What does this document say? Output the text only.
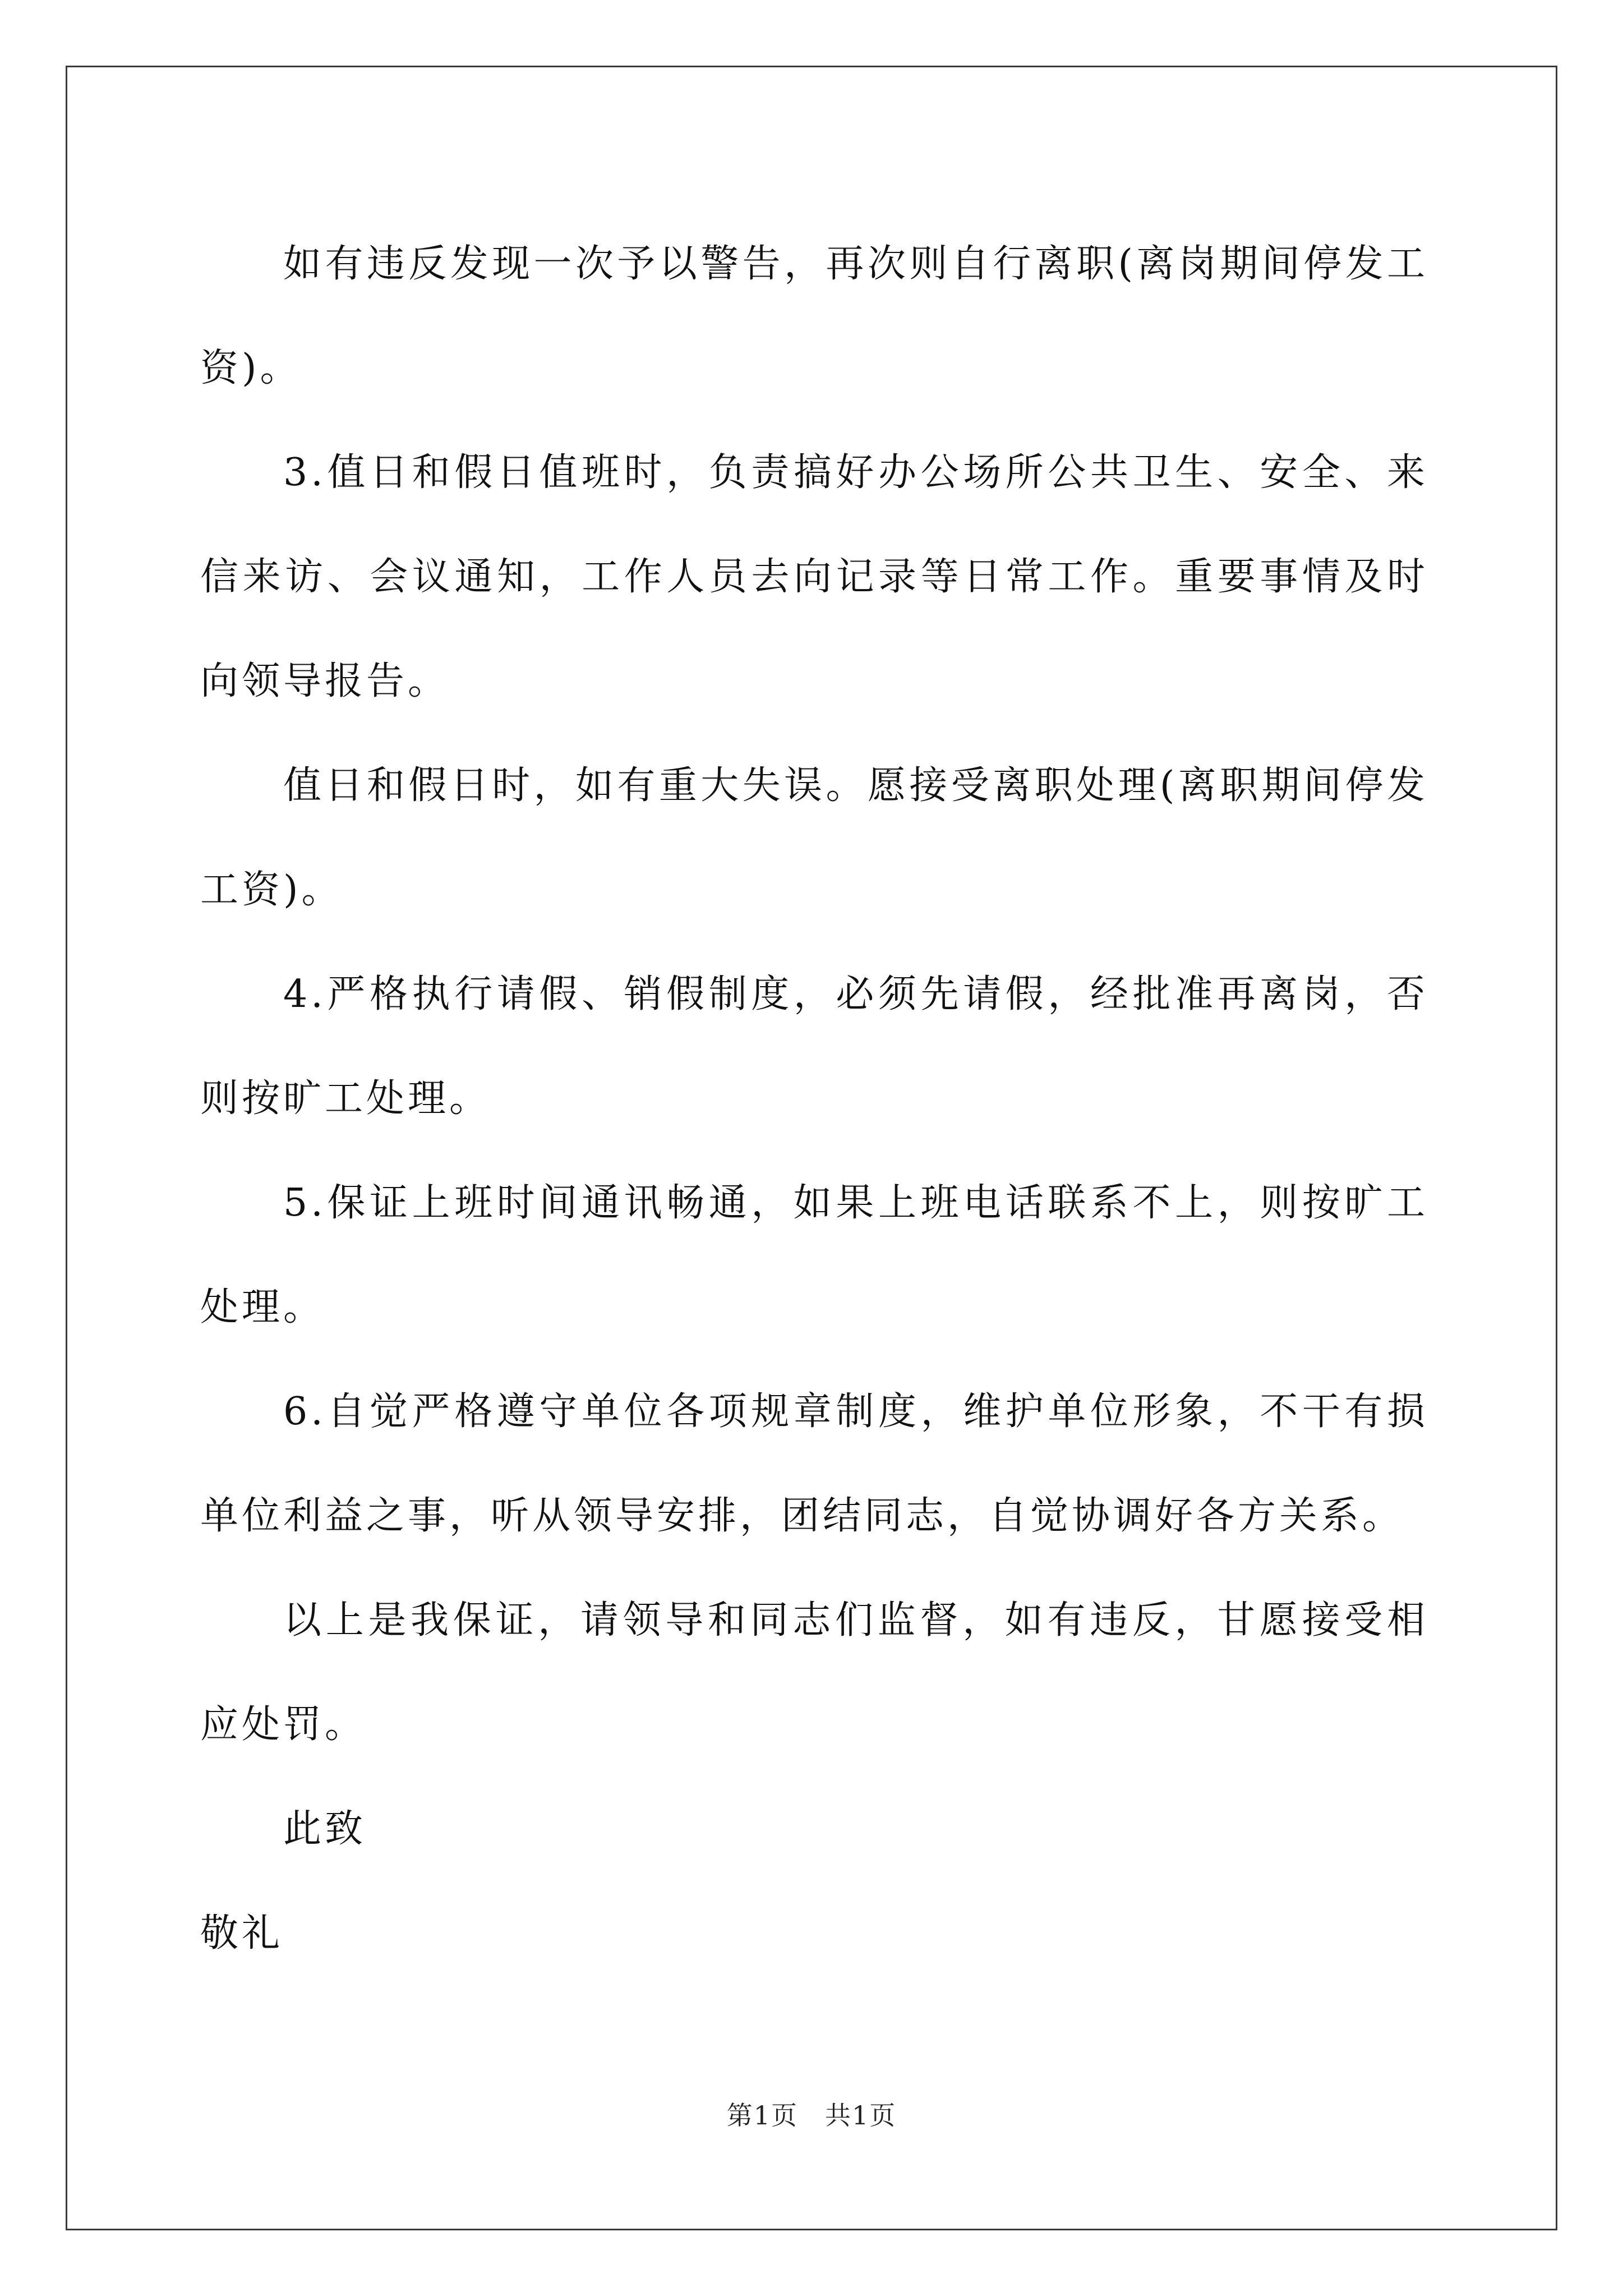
如有违反发现一次予以警告，再次则自行离职(离岗期间停发工资)。

3.值日和假日值班时，负责搞好办公场所公共卫生、安全、来信来访、会议通知，工作人员去向记录等日常工作。重要事情及时向领导报告。

值日和假日时，如有重大失误。愿接受离职处理(离职期间停发工资)。

4.严格执行请假、销假制度，必须先请假，经批准再离岗，否则按旷工处理。

5.保证上班时间通讯畅通，如果上班电话联系不上，则按旷工处理。

6.自觉严格遵守单位各项规章制度，维护单位形象，不干有损单位利益之事，听从领导安排，团结同志，自觉协调好各方关系。

以上是我保证，请领导和同志们监督，如有违反，甘愿接受相应处罚。

此致

敬礼

第1页　共1页
